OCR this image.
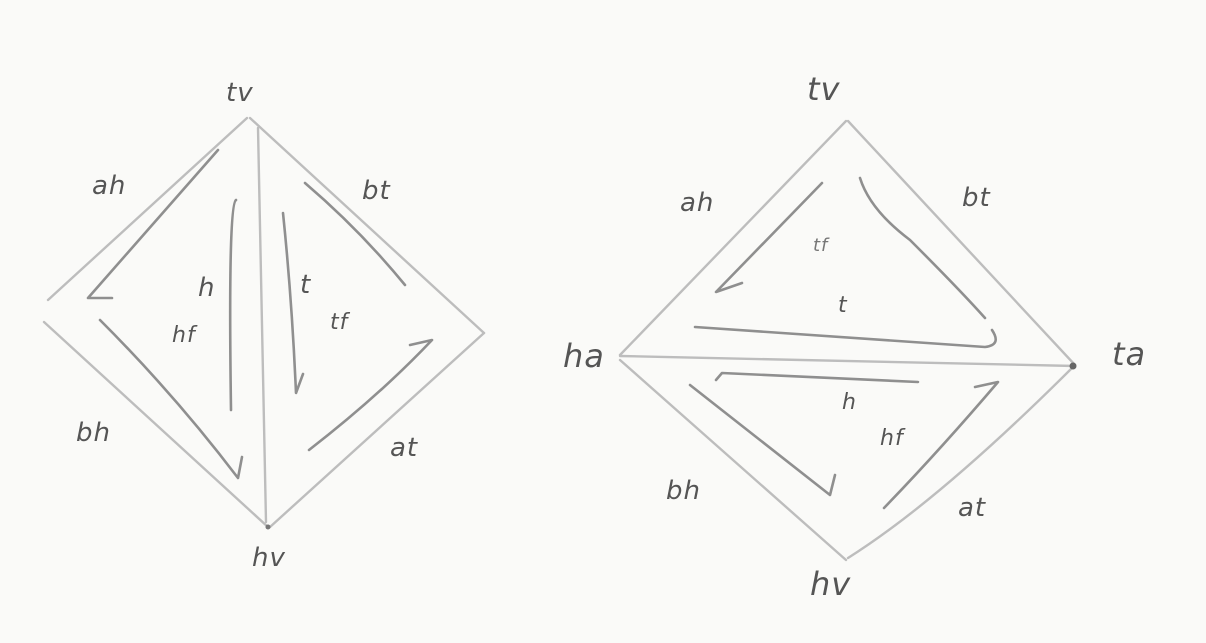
tv
hv
ah	bt
bh	at
hf
tf
h	t
tv
hv
ha	ta
ah	bt
bh
at
tf
t
h
hf
